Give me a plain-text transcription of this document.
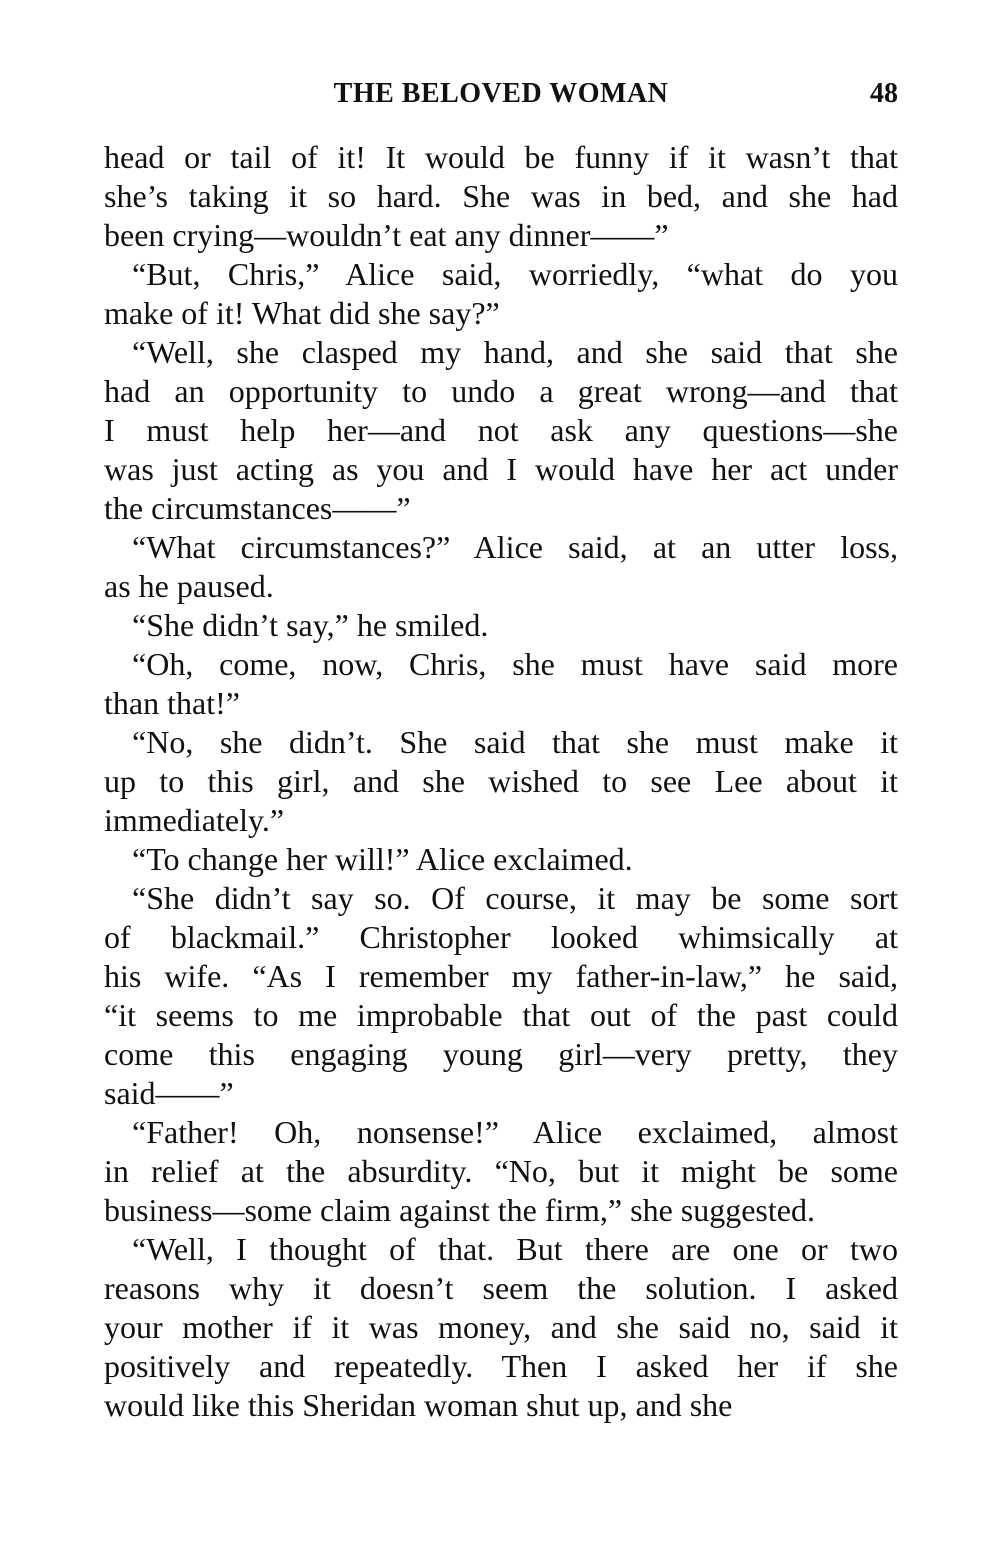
THE BELOVED WOMAN	48
head or tail of it! It would be funny if it wasn’t that
she’s taking it so hard. She was in bed, and she had
been crying—wouldn’t eat any dinner——”
“But, Chris,” Alice said, worriedly, “what do you
make of it! What did she say?”
“Well, she clasped my hand, and she said that she
had an opportunity to undo a great wrong—and that
I must help her—and not ask any questions—she
was just acting as you and I would have her act under
the circumstances——”
“What circumstances?” Alice said, at an utter loss,
as he paused.
“She didn’t say,” he smiled.
“Oh, come, now, Chris, she must have said more
than that!”
“No, she didn’t. She said that she must make it
up to this girl, and she wished to see Lee about it
immediately.”
“To change her will!” Alice exclaimed.
“She didn’t say so. Of course, it may be some sort
of blackmail.” Christopher looked whimsically at
his wife. “As I remember my father-in-law,” he said,
“it seems to me improbable that out of the past could
come this engaging young girl—very pretty, they
said——”
“Father! Oh, nonsense!” Alice exclaimed, almost
in relief at the absurdity. “No, but it might be some
business—some claim against the firm,” she suggested.
“Well, I thought of that. But there are one or two
reasons why it doesn’t seem the solution. I asked
your mother if it was money, and she said no, said it
positively and repeatedly. Then I asked her if she
would like this Sheridan woman shut up, and she
